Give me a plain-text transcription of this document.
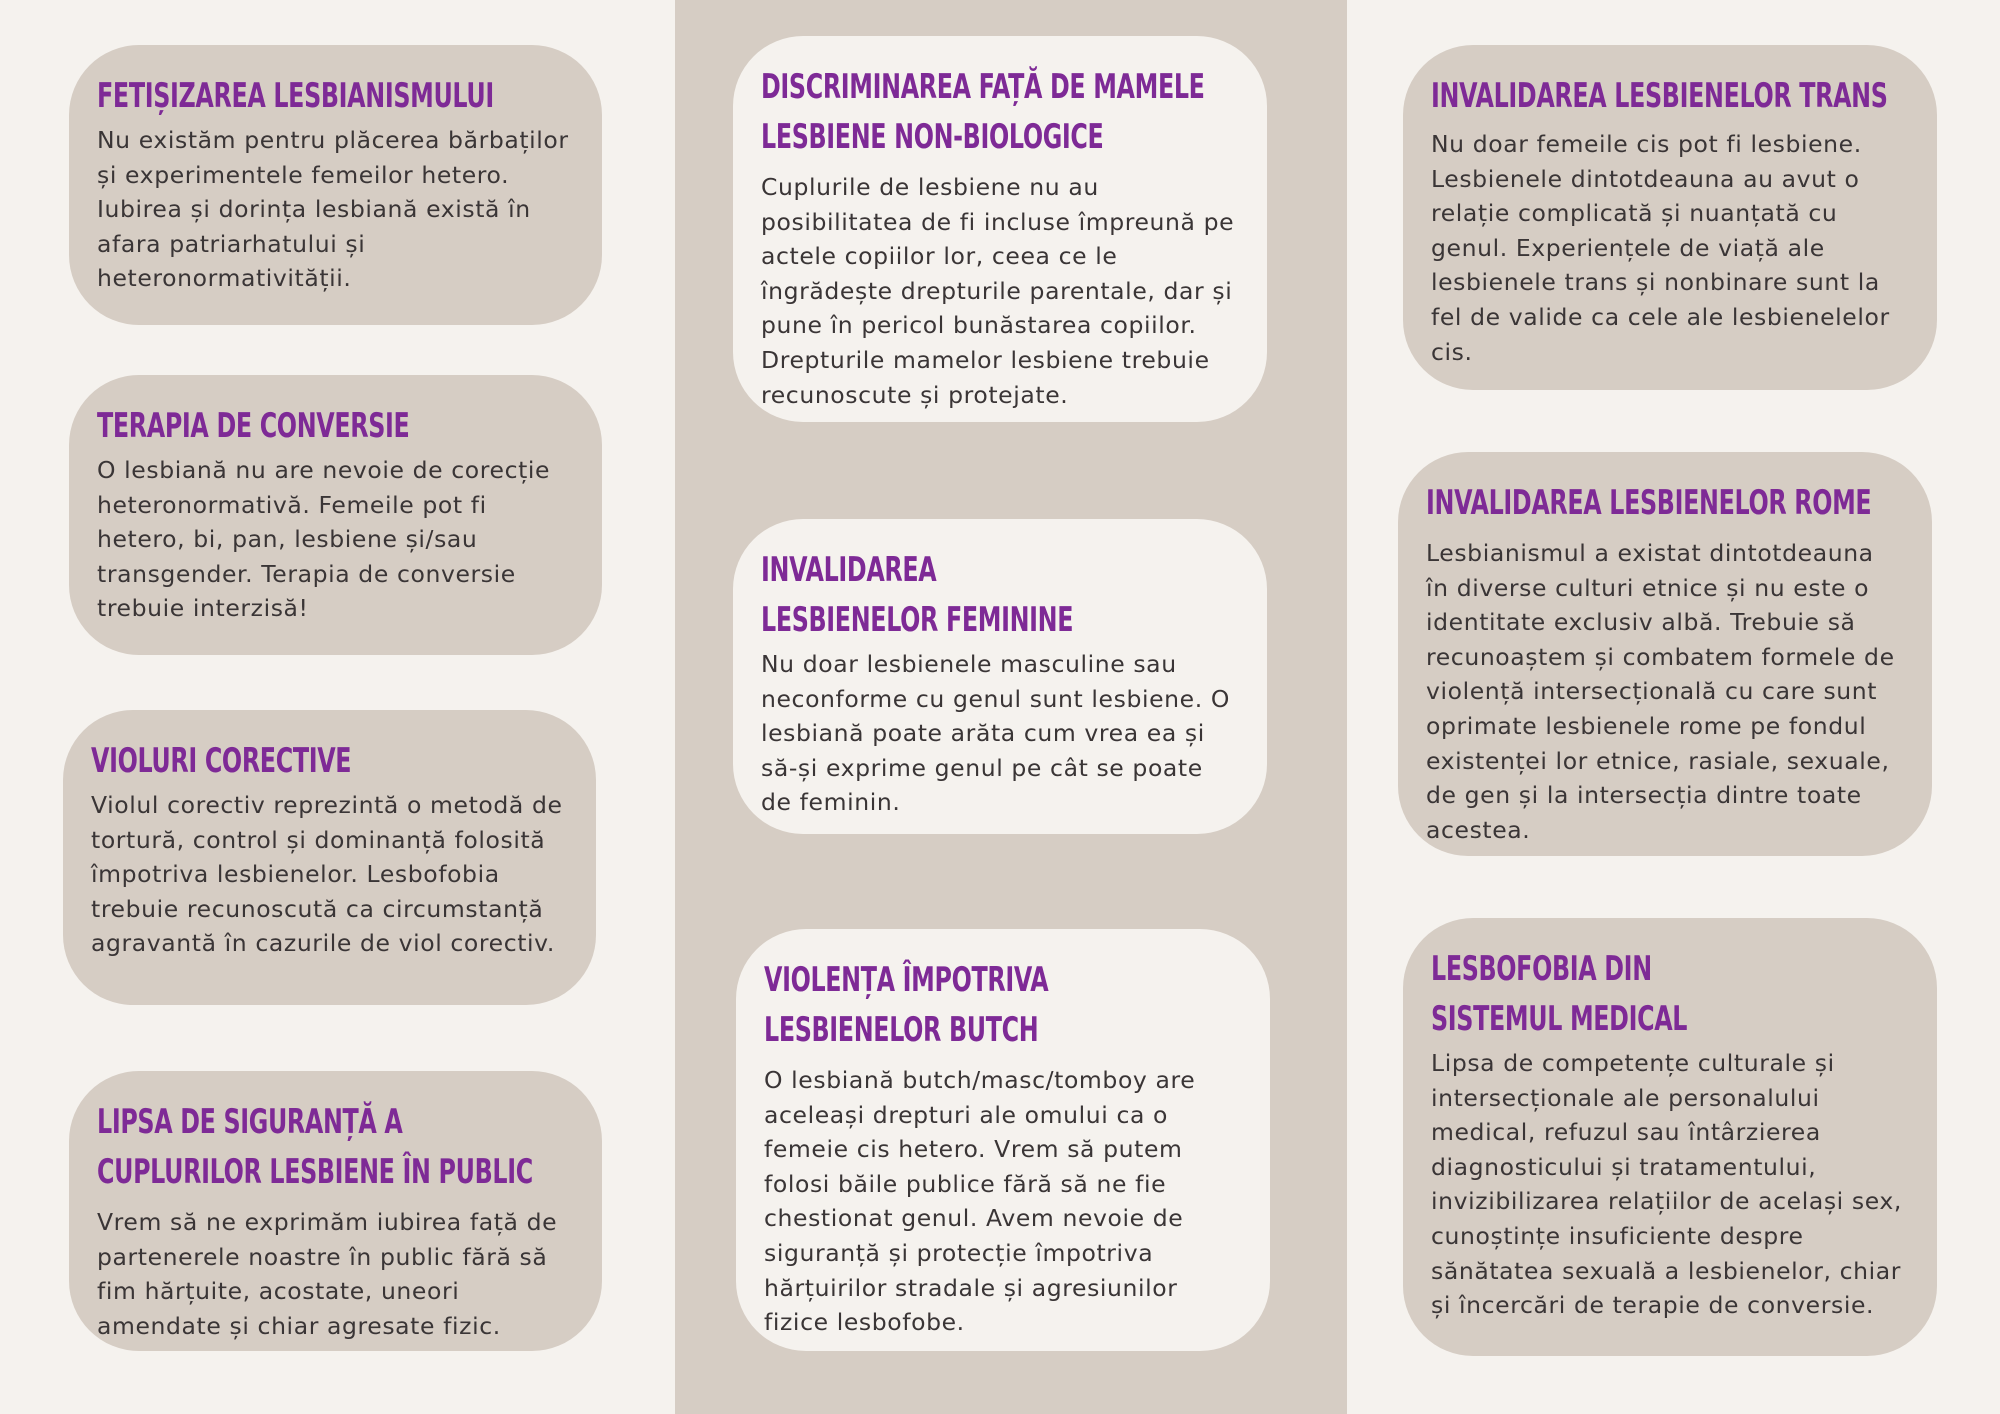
FETIȘIZAREA LESBIANISMULUI

Nu existăm pentru plăcerea bărbaților și experimentele femeilor hetero. Iubirea și dorința lesbiană există în afara patriarhatului și heteronormativității.

TERAPIA DE CONVERSIE

O lesbiană nu are nevoie de corecție heteronormativă. Femeile pot fi hetero, bi, pan, lesbiene și/sau transgender. Terapia de conversie trebuie interzisă!

VIOLURI CORECTIVE

Violul corectiv reprezintă o metodă de tortură, control și dominanță folosită împotriva lesbienelor. Lesbofobia trebuie recunoscută ca circumstanță agravantă în cazurile de viol corectiv.

LIPSA DE SIGURANȚĂ A CUPLURILOR LESBIENE ÎN PUBLIC

Vrem să ne exprimăm iubirea față de partenerele noastre în public fără să fim hărțuite, acostate, uneori amendate și chiar agresate fizic.

DISCRIMINAREA FAȚĂ DE MAMELE LESBIENE NON-BIOLOGICE

Cuplurile de lesbiene nu au posibilitatea de fi incluse împreună pe actele copiilor lor, ceea ce le îngrădește drepturile parentale, dar și pune în pericol bunăstarea copiilor. Drepturile mamelor lesbiene trebuie recunoscute și protejate.

INVALIDAREA LESBIENELOR FEMININE

Nu doar lesbienele masculine sau neconforme cu genul sunt lesbiene. O lesbiană poate arăta cum vrea ea și să-și exprime genul pe cât se poate de feminin.

VIOLENȚA ÎMPOTRIVA LESBIENELOR BUTCH

O lesbiană butch/masc/tomboy are aceleași drepturi ale omului ca o femeie cis hetero. Vrem să putem folosi băile publice fără să ne fie chestionat genul. Avem nevoie de siguranță și protecție împotriva hărțuirilor stradale și agresiunilor fizice lesbofobe.

INVALIDAREA LESBIENELOR TRANS

Nu doar femeile cis pot fi lesbiene. Lesbienele dintotdeauna au avut o relație complicată și nuanțată cu genul. Experiențele de viață ale lesbienele trans și nonbinare sunt la fel de valide ca cele ale lesbienelelor cis.

INVALIDAREA LESBIENELOR ROME

Lesbianismul a existat dintotdeauna în diverse culturi etnice și nu este o identitate exclusiv albă. Trebuie să recunoaștem și combatem formele de violență intersecțională cu care sunt oprimate lesbienele rome pe fondul existenței lor etnice, rasiale, sexuale, de gen și la intersecția dintre toate acestea.

LESBOFOBIA DIN SISTEMUL MEDICAL

Lipsa de competențe culturale și intersecționale ale personalului medical, refuzul sau întârzierea diagnosticului și tratamentului, invizibilizarea relațiilor de același sex, cunoștințe insuficiente despre sănătatea sexuală a lesbienelor, chiar și încercări de terapie de conversie.
